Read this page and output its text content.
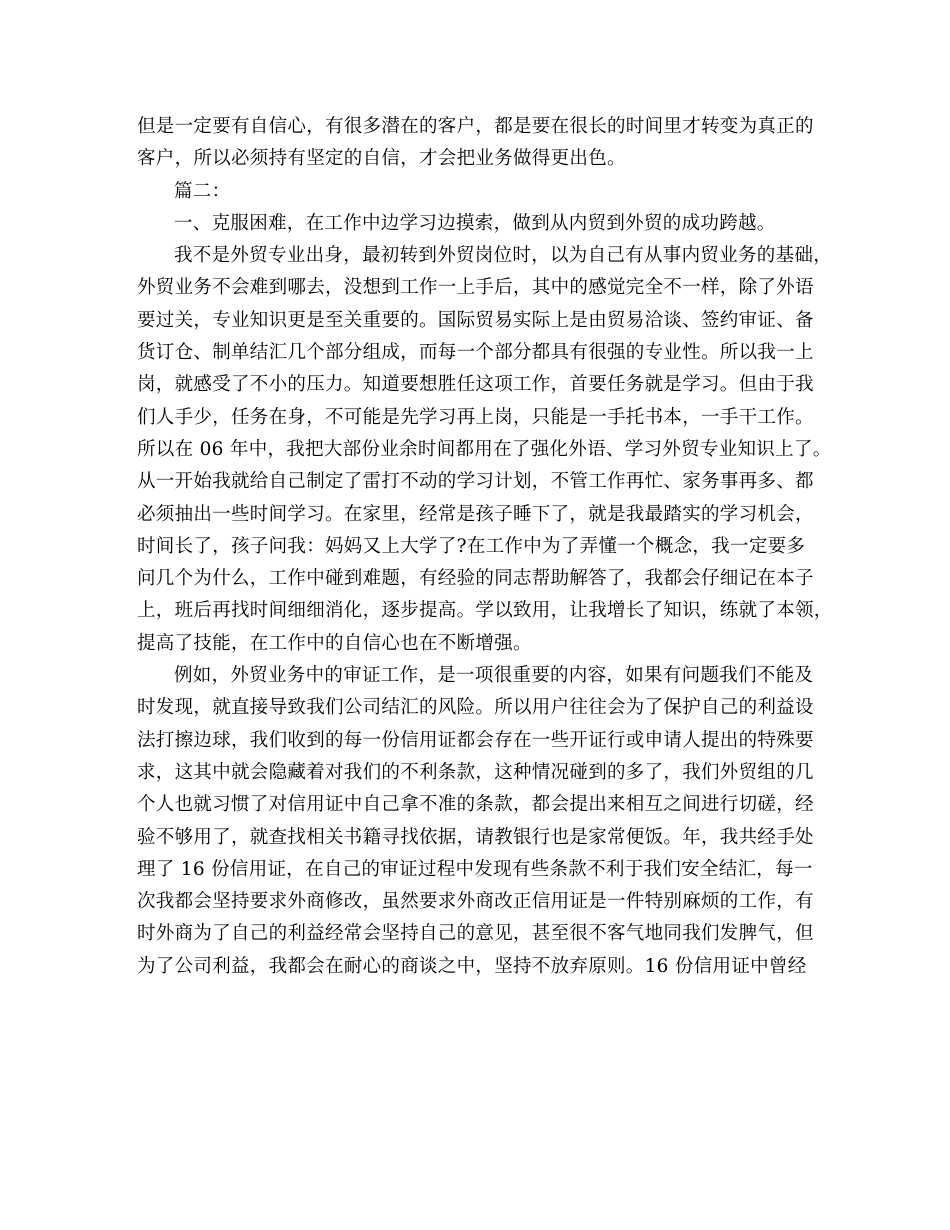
但是一定要有自信心，有很多潜在的客户，都是要在很长的时间里才转变为真正的
客户，所以必须持有坚定的自信，才会把业务做得更出色。
篇二：
一、克服困难，在工作中边学习边摸索，做到从内贸到外贸的成功跨越。
我不是外贸专业出身，最初转到外贸岗位时，以为自己有从事内贸业务的基础，
外贸业务不会难到哪去，没想到工作一上手后，其中的感觉完全不一样，除了外语
要过关，专业知识更是至关重要的。国际贸易实际上是由贸易洽谈、签约审证、备
货订仓、制单结汇几个部分组成，而每一个部分都具有很强的专业性。所以我一上
岗，就感受了不小的压力。知道要想胜任这项工作，首要任务就是学习。但由于我
们人手少，任务在身，不可能是先学习再上岗，只能是一手托书本，一手干工作。
所以在 06 年中，我把大部份业余时间都用在了强化外语、学习外贸专业知识上了。
从一开始我就给自己制定了雷打不动的学习计划，不管工作再忙、家务事再多、都
必须抽出一些时间学习。在家里，经常是孩子睡下了，就是我最踏实的学习机会，
时间长了，孩子问我：妈妈又上大学了?在工作中为了弄懂一个概念，我一定要多
问几个为什么，工作中碰到难题，有经验的同志帮助解答了，我都会仔细记在本子
上，班后再找时间细细消化，逐步提高。学以致用，让我增长了知识，练就了本领，
提高了技能，在工作中的自信心也在不断增强。
例如，外贸业务中的审证工作，是一项很重要的内容，如果有问题我们不能及
时发现，就直接导致我们公司结汇的风险。所以用户往往会为了保护自己的利益设
法打擦边球，我们收到的每一份信用证都会存在一些开证行或申请人提出的特殊要
求，这其中就会隐藏着对我们的不利条款，这种情况碰到的多了，我们外贸组的几
个人也就习惯了对信用证中自己拿不准的条款，都会提出来相互之间进行切磋，经
验不够用了，就查找相关书籍寻找依据，请教银行也是家常便饭。年，我共经手处
理了 16 份信用证，在自己的审证过程中发现有些条款不利于我们安全结汇，每一
次我都会坚持要求外商修改，虽然要求外商改正信用证是一件特别麻烦的工作，有
时外商为了自己的利益经常会坚持自己的意见，甚至很不客气地同我们发脾气，但
为了公司利益，我都会在耐心的商谈之中，坚持不放弃原则。16 份信用证中曾经
